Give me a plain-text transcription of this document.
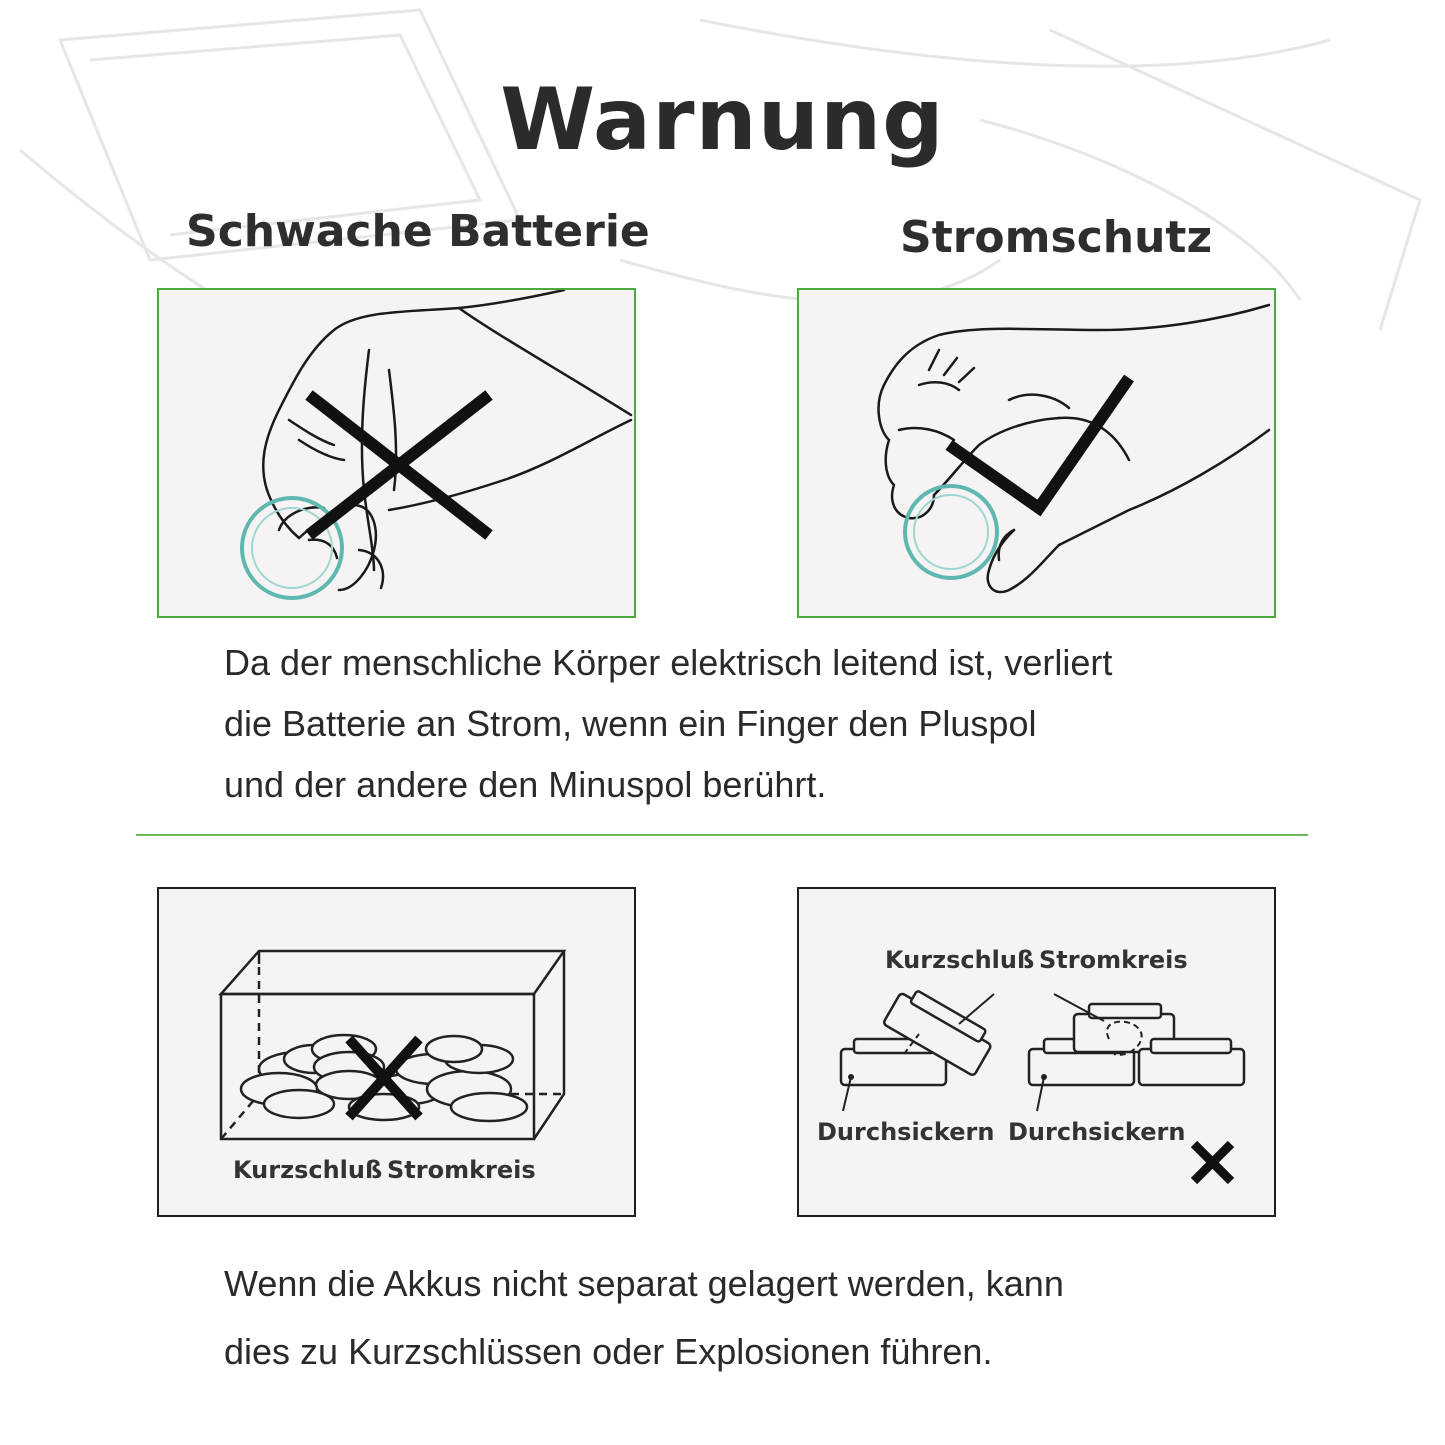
Warnung
Schwache Batterie	Stromschutz
Da der menschliche Körper elektrisch leitend ist, verliert
die Batterie an Strom, wenn ein Finger den Pluspol
und der andere den Minuspol berührt.
Kurzschluß Stromkreis
Kurzschluß Stromkreis
Durchsickern Durchsickern
Wenn die Akkus nicht separat gelagert werden, kann
dies zu Kurzschlüssen oder Explosionen führen.
